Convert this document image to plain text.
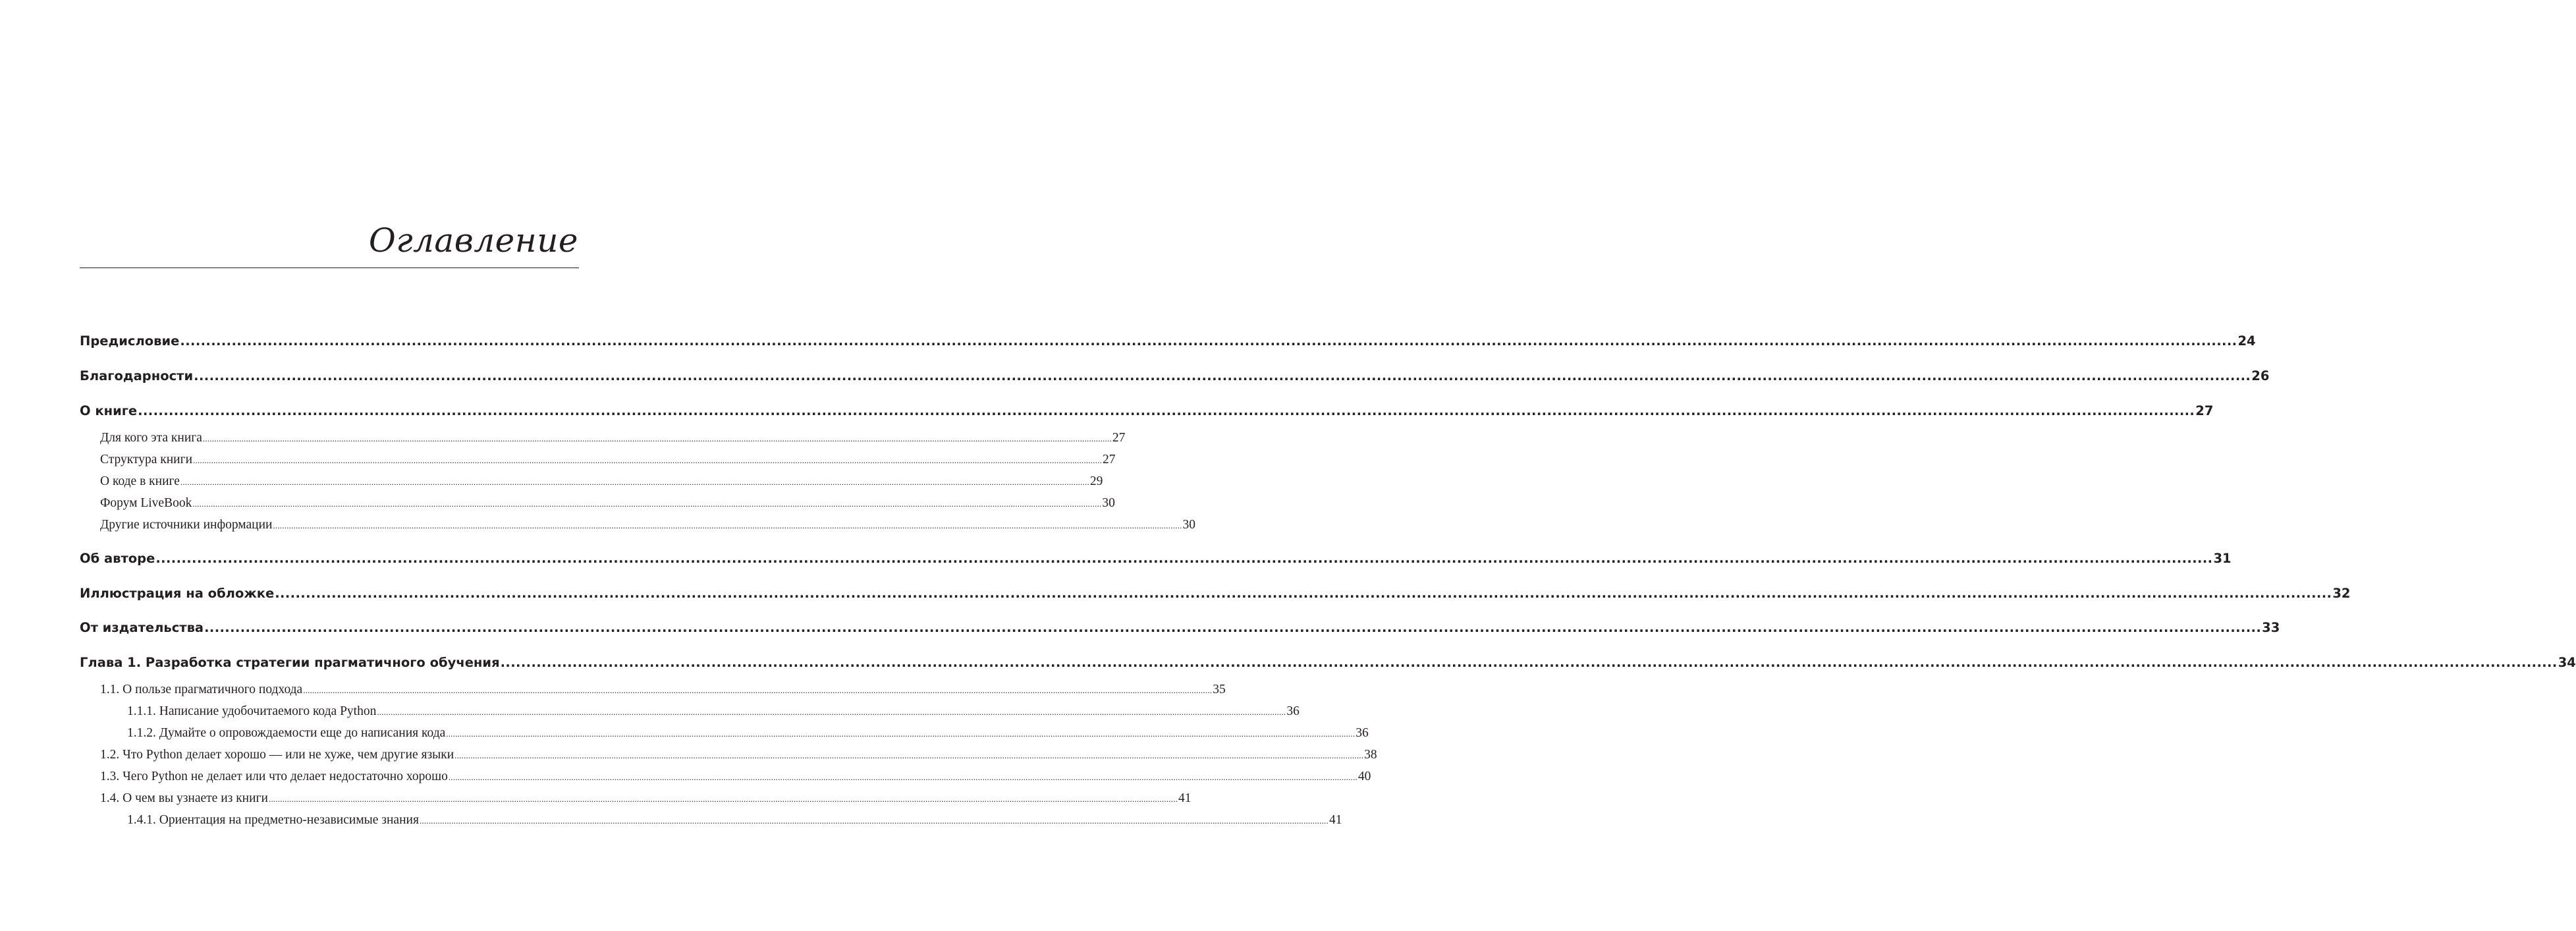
Оглавление
Предисловие ................................................................................................................................................................................................................................................................................................................................................................................................................ 24
Благодарности ................................................................................................................................................................................................................................................................................................................................................................................................................ 26
О книге ................................................................................................................................................................................................................................................................................................................................................................................................................ 27
Для кого эта книга ................................................................................................................................................................................................................................................................................................................................................................................................................ 27
Структура книги ................................................................................................................................................................................................................................................................................................................................................................................................................ 27
О коде в книге ................................................................................................................................................................................................................................................................................................................................................................................................................ 29
Форум LiveBook ................................................................................................................................................................................................................................................................................................................................................................................................................ 30
Другие источники информации ................................................................................................................................................................................................................................................................................................................................................................................................................ 30
Об авторе ................................................................................................................................................................................................................................................................................................................................................................................................................ 31
Иллюстрация на обложке ................................................................................................................................................................................................................................................................................................................................................................................................................ 32
От издательства ................................................................................................................................................................................................................................................................................................................................................................................................................ 33
Глава 1. Разработка стратегии прагматичного обучения ................................................................................................................................................................................................................................................................................................................................................................................................................ 34
1.1. О пользе прагматичного подхода ................................................................................................................................................................................................................................................................................................................................................................................................................ 35
1.1.1. Написание удобочитаемого кода Python ................................................................................................................................................................................................................................................................................................................................................................................................................ 36
1.1.2. Думайте о опровождаемости еще до написания кода ................................................................................................................................................................................................................................................................................................................................................................................................................ 36
1.2. Что Python делает хорошо — или не хуже, чем другие языки ................................................................................................................................................................................................................................................................................................................................................................................................................ 38
1.3. Чего Python не делает или что делает недостаточно хорошо ................................................................................................................................................................................................................................................................................................................................................................................................................ 40
1.4. О чем вы узнаете из книги ................................................................................................................................................................................................................................................................................................................................................................................................................ 41
1.4.1. Ориентация на предметно-независимые знания ................................................................................................................................................................................................................................................................................................................................................................................................................ 41
